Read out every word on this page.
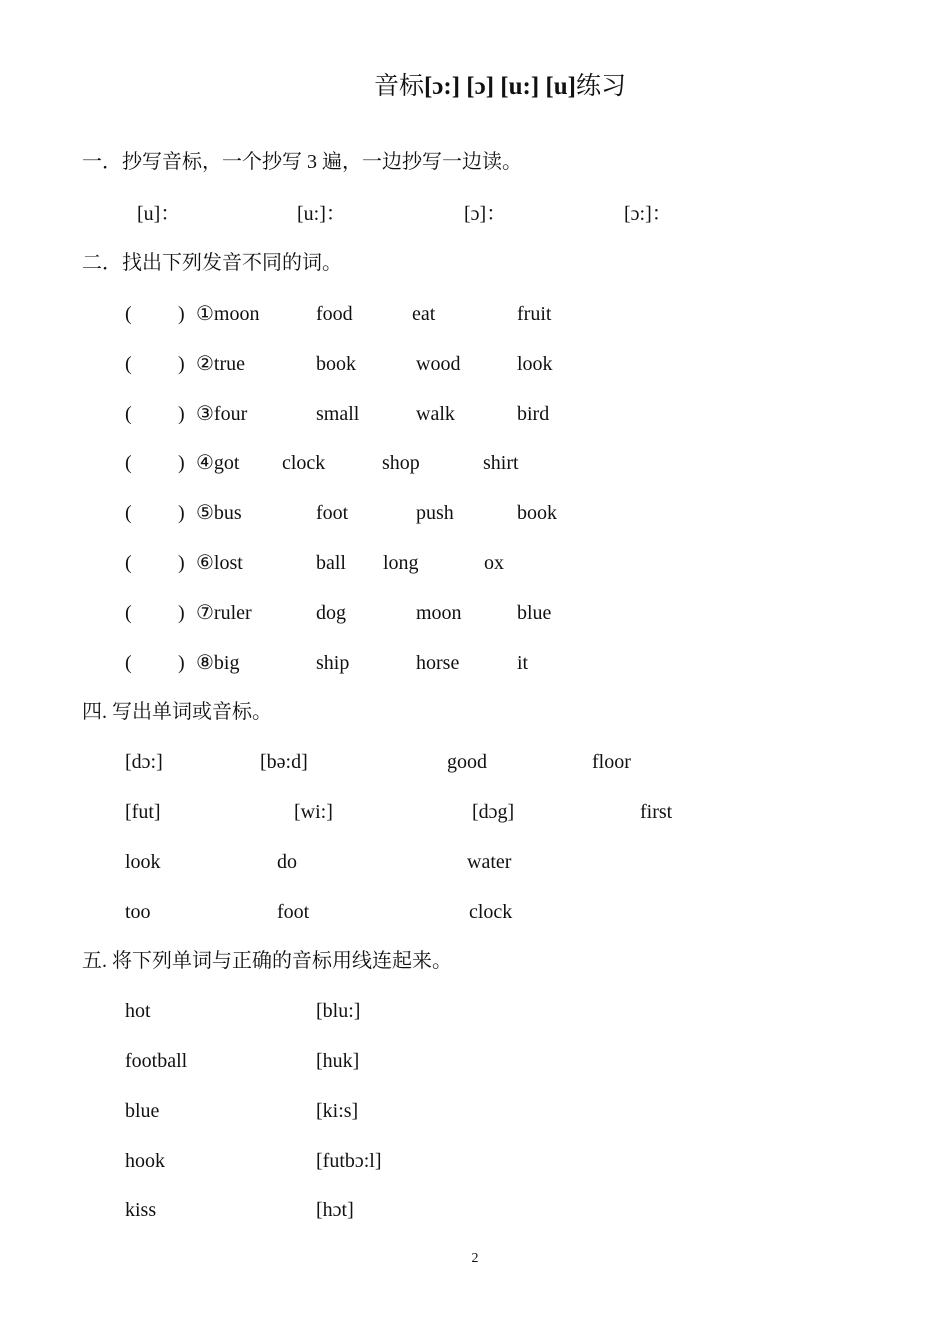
音标[ɔ:] [ɔ] [u:] [u]练习
一．抄写音标，一个抄写 3 遍，一边抄写一边读。
[u]：	[u:]：	[ɔ]：	[ɔ:]：
二．找出下列发音不同的词。
( ) ①moon	food	eat	fruit
( ) ②true	book	wood	look
( ) ③four	small	walk	bird
( ) ④got clock	shop	shirt
( ) ⑤bus	foot	push	book
( ) ⑥lost	ball long	ox
( ) ⑦ruler	dog	moon	blue
( ) ⑧big	ship	horse	it
四. 写出单词或音标。
[dɔ:]	[bə:d]	good	floor
[fut]	[wi:]	[dɔg]	first
look	do	water
too	foot	clock
五. 将下列单词与正确的音标用线连起来。
hot	[blu:]
football	[huk]
blue	[ki:s]
hook	[futbɔ:l]
kiss	[hɔt]
2
